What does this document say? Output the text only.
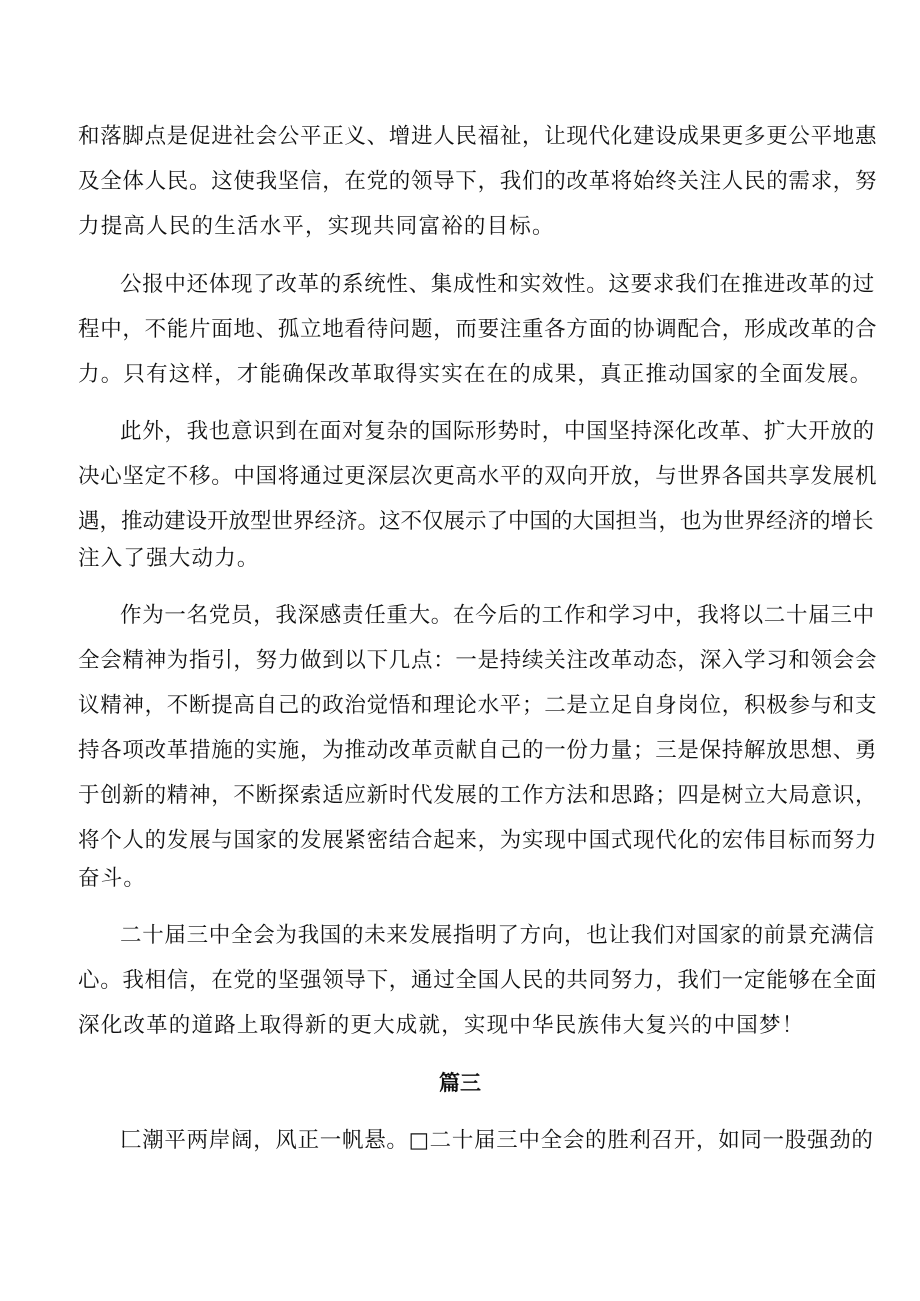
和落脚点是促进社会公平正义、增进人民福祉，让现代化建设成果更多更公平地惠

及全体人民。这使我坚信，在党的领导下，我们的改革将始终关注人民的需求，努

力提高人民的生活水平，实现共同富裕的目标。

公报中还体现了改革的系统性、集成性和实效性。这要求我们在推进改革的过

程中，不能片面地、孤立地看待问题，而要注重各方面的协调配合，形成改革的合

力。只有这样，才能确保改革取得实实在在的成果，真正推动国家的全面发展。

此外，我也意识到在面对复杂的国际形势时，中国坚持深化改革、扩大开放的

决心坚定不移。中国将通过更深层次更高水平的双向开放，与世界各国共享发展机

遇，推动建设开放型世界经济。这不仅展示了中国的大国担当，也为世界经济的增长

注入了强大动力。

作为一名党员，我深感责任重大。在今后的工作和学习中，我将以二十届三中

全会精神为指引，努力做到以下几点：一是持续关注改革动态，深入学习和领会会

议精神，不断提高自己的政治觉悟和理论水平；二是立足自身岗位，积极参与和支

持各项改革措施的实施，为推动改革贡献自己的一份力量；三是保持解放思想、勇

于创新的精神，不断探索适应新时代发展的工作方法和思路；四是树立大局意识，

将个人的发展与国家的发展紧密结合起来，为实现中国式现代化的宏伟目标而努力

奋斗。

二十届三中全会为我国的未来发展指明了方向，也让我们对国家的前景充满信

心。我相信，在党的坚强领导下，通过全国人民的共同努力，我们一定能够在全面

深化改革的道路上取得新的更大成就，实现中华民族伟大复兴的中国梦！

篇三

匚潮平两岸阔，风正一帆悬。□二十届三中全会的胜利召开，如同一股强劲的
